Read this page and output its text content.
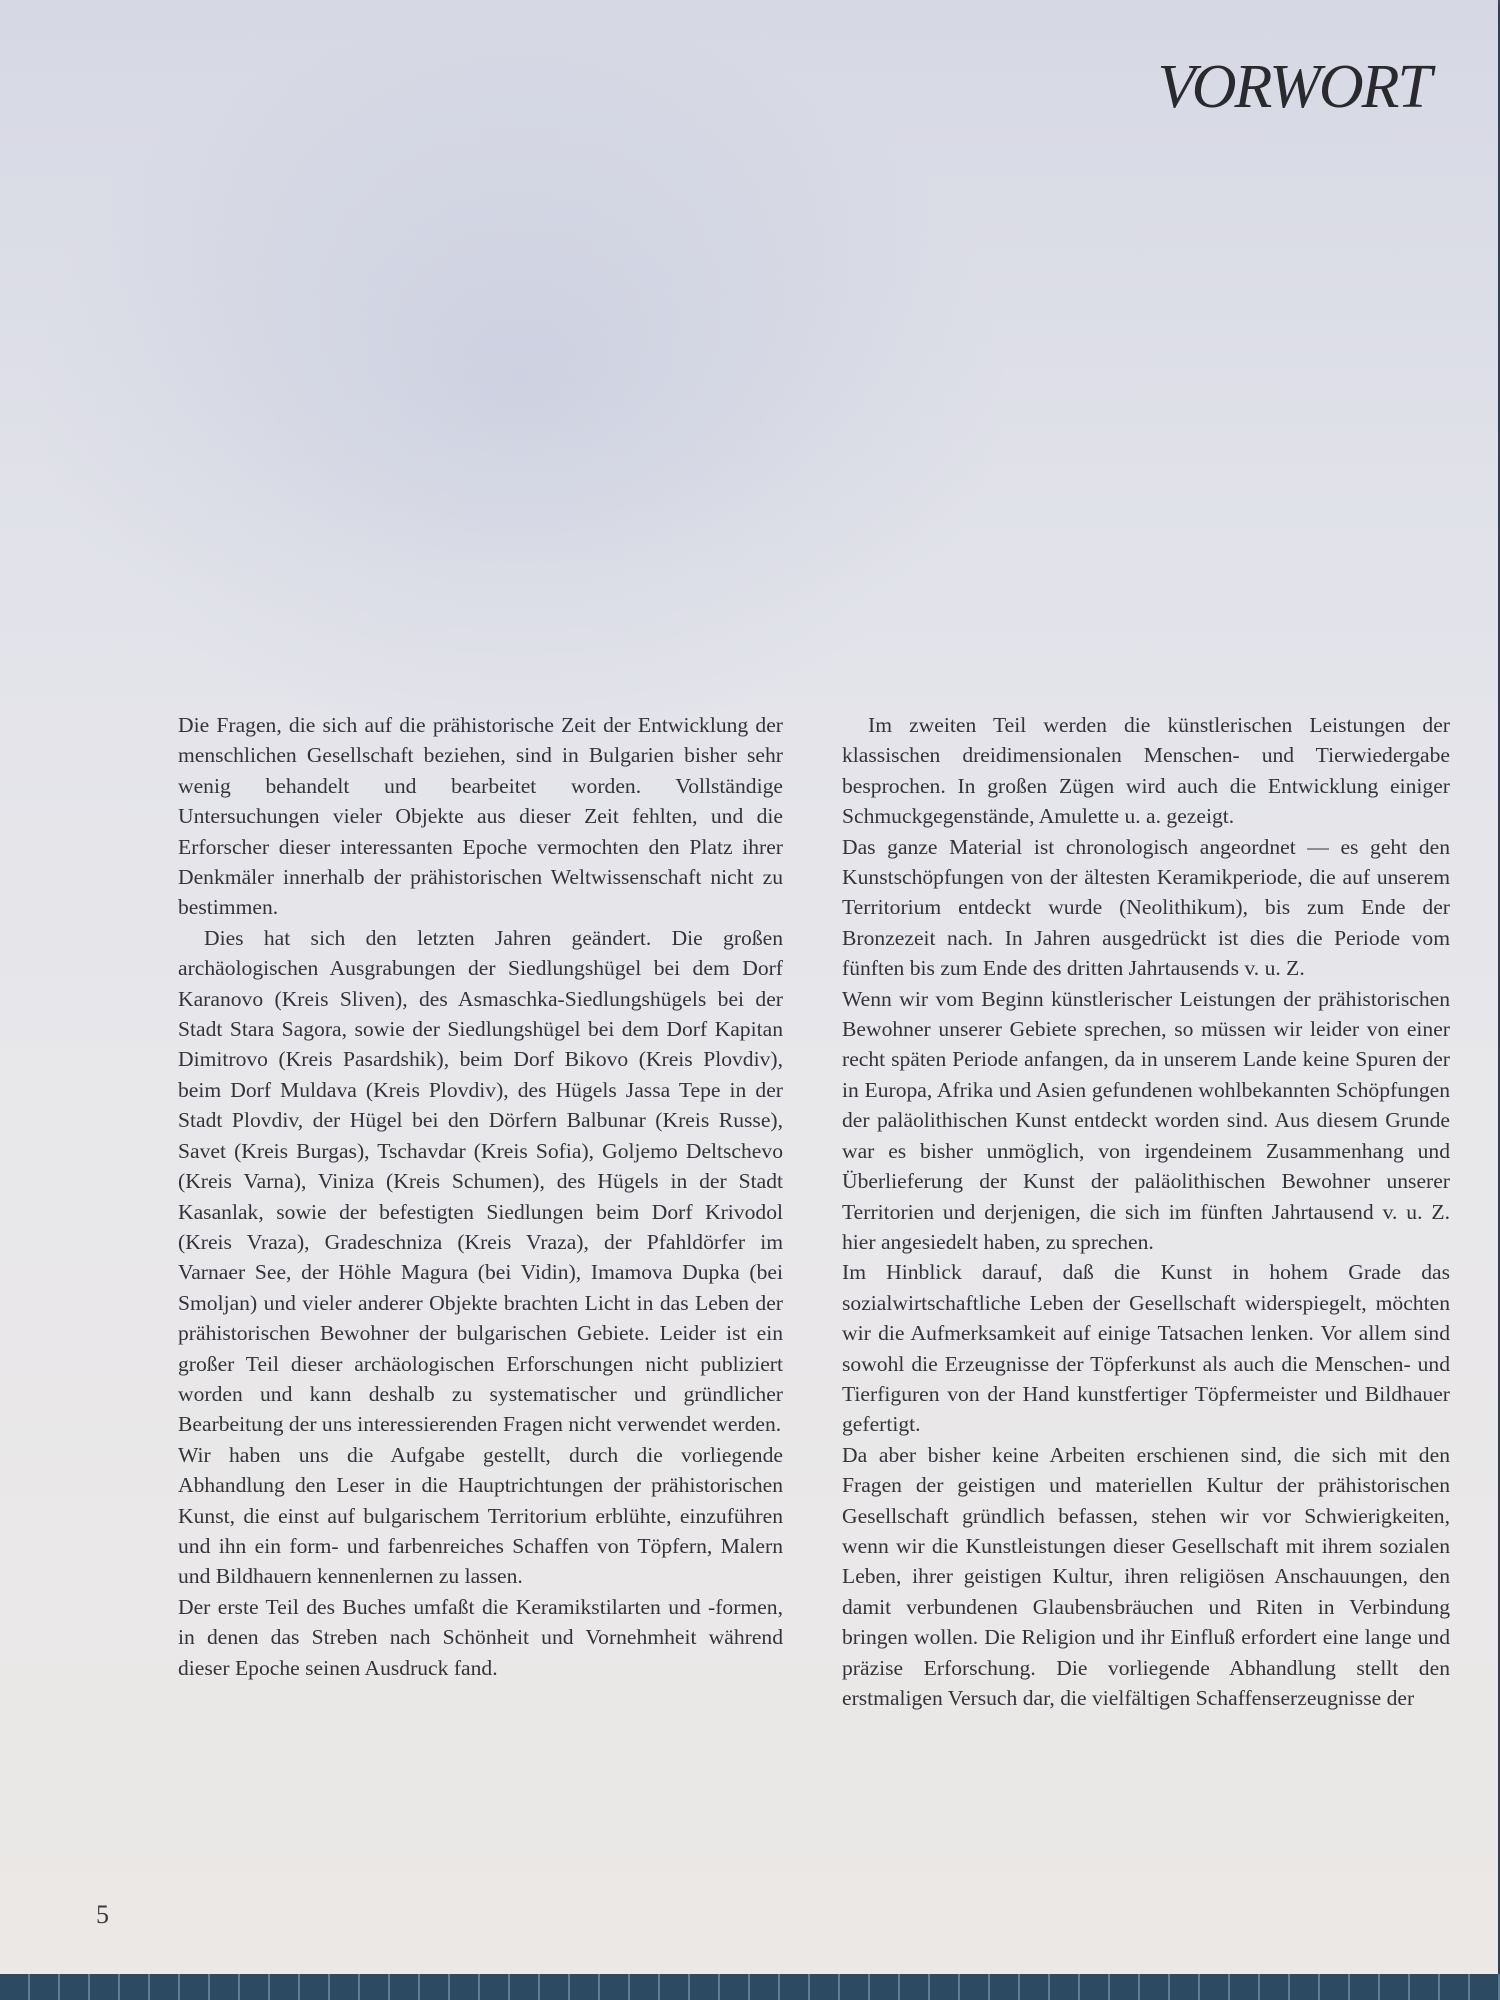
VORWORT

Die Fragen, die sich auf die prähistorische Zeit der Entwicklung der menschlichen Gesellschaft beziehen, sind in Bulgarien bisher sehr wenig behandelt und bearbeitet worden. Vollständige Untersuchungen vieler Objekte aus dieser Zeit fehlten, und die Erforscher dieser interessanten Epoche vermochten den Platz ihrer Denkmäler innerhalb der prähistorischen Weltwissenschaft nicht zu bestimmen.

Dies hat sich den letzten Jahren geändert. Die großen archäologischen Ausgrabungen der Siedlungshügel bei dem Dorf Karanovo (Kreis Sliven), des Asmaschka-Siedlungshügels bei der Stadt Stara Sagora, sowie der Siedlungshügel bei dem Dorf Kapitan Dimitrovo (Kreis Pasardshik), beim Dorf Bikovo (Kreis Plovdiv), beim Dorf Muldava (Kreis Plovdiv), des Hügels Jassa Tepe in der Stadt Plovdiv, der Hügel bei den Dörfern Balbunar (Kreis Russe), Savet (Kreis Burgas), Tschavdar (Kreis Sofia), Goljemo Deltschevo (Kreis Varna), Viniza (Kreis Schumen), des Hügels in der Stadt Kasanlak, sowie der befestigten Siedlungen beim Dorf Krivodol (Kreis Vraza), Gradeschniza (Kreis Vraza), der Pfahldörfer im Varnaer See, der Höhle Magura (bei Vidin), Imamova Dupka (bei Smoljan) und vieler anderer Objekte brachten Licht in das Leben der prähistorischen Bewohner der bulgarischen Gebiete. Leider ist ein großer Teil dieser archäologischen Erforschungen nicht publiziert worden und kann deshalb zu systematischer und gründlicher Bearbeitung der uns interessierenden Fragen nicht verwendet werden.

Wir haben uns die Aufgabe gestellt, durch die vorliegende Abhandlung den Leser in die Hauptrichtungen der prähistorischen Kunst, die einst auf bulgarischem Territorium erblühte, einzuführen und ihn ein form- und farbenreiches Schaffen von Töpfern, Malern und Bildhauern kennenlernen zu lassen.

Der erste Teil des Buches umfaßt die Keramikstilarten und -formen, in denen das Streben nach Schönheit und Vornehmheit während dieser Epoche seinen Ausdruck fand.

Im zweiten Teil werden die künstlerischen Leistungen der klassischen dreidimensionalen Menschen- und Tierwiedergabe besprochen. In großen Zügen wird auch die Entwicklung einiger Schmuckgegenstände, Amulette u. a. gezeigt.

Das ganze Material ist chronologisch angeordnet — es geht den Kunstschöpfungen von der ältesten Keramikperiode, die auf unserem Territorium entdeckt wurde (Neolithikum), bis zum Ende der Bronzezeit nach. In Jahren ausgedrückt ist dies die Periode vom fünften bis zum Ende des dritten Jahrtausends v. u. Z.

Wenn wir vom Beginn künstlerischer Leistungen der prähistorischen Bewohner unserer Gebiete sprechen, so müssen wir leider von einer recht späten Periode anfangen, da in unserem Lande keine Spuren der in Europa, Afrika und Asien gefundenen wohlbekannten Schöpfungen der paläolithischen Kunst entdeckt worden sind. Aus diesem Grunde war es bisher unmöglich, von irgendeinem Zusammenhang und Überlieferung der Kunst der paläolithischen Bewohner unserer Territorien und derjenigen, die sich im fünften Jahrtausend v. u. Z. hier angesiedelt haben, zu sprechen.

Im Hinblick darauf, daß die Kunst in hohem Grade das sozialwirtschaftliche Leben der Gesellschaft widerspiegelt, möchten wir die Aufmerksamkeit auf einige Tatsachen lenken. Vor allem sind sowohl die Erzeugnisse der Töpferkunst als auch die Menschen- und Tierfiguren von der Hand kunstfertiger Töpfermeister und Bildhauer gefertigt.

Da aber bisher keine Arbeiten erschienen sind, die sich mit den Fragen der geistigen und materiellen Kultur der prähistorischen Gesellschaft gründlich befassen, stehen wir vor Schwierigkeiten, wenn wir die Kunstleistungen dieser Gesellschaft mit ihrem sozialen Leben, ihrer geistigen Kultur, ihren religiösen Anschauungen, den damit verbundenen Glaubensbräuchen und Riten in Verbindung bringen wollen. Die Religion und ihr Einfluß erfordert eine lange und präzise Erforschung. Die vorliegende Abhandlung stellt den erstmaligen Versuch dar, die vielfältigen Schaffenserzeugnisse der

5
